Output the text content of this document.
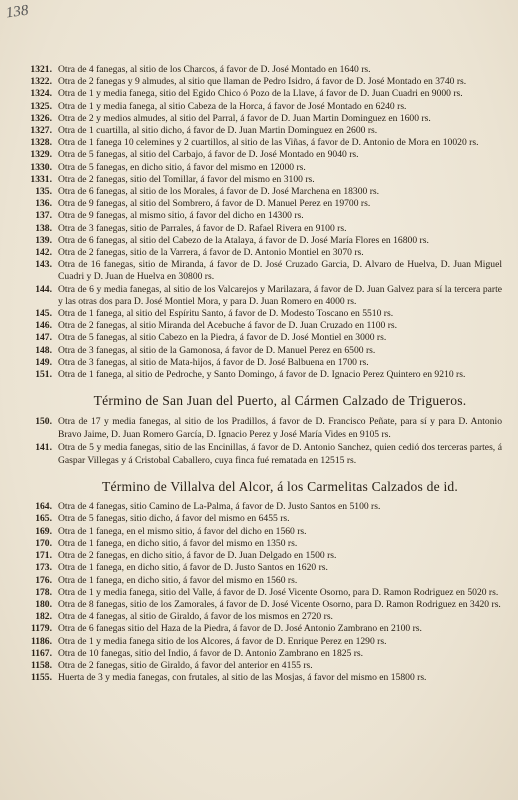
138
1321. Otra de 4 fanegas, al sitio de los Charcos, á favor de D. José Montado en 1640 rs.
1322. Otra de 2 fanegas y 9 almudes, al sitio que llaman de Pedro Isidro, á favor de D. José Montado en 3740 rs.
1324. Otra de 1 y media fanega, sitio del Egido Chico ó Pozo de la Llave, á favor de D. Juan Cuadri en 9000 rs.
1325. Otra de 1 y media fanega, al sitio Cabeza de la Horca, á favor de José Montado en 6240 rs.
1326. Otra de 2 y medios almudes, al sitio del Parral, á favor de D. Juan Martin Dominguez en 1600 rs.
1327. Otra de 1 cuartilla, al sitio dicho, á favor de D. Juan Martin Dominguez en 2600 rs.
1328. Otra de 1 fanega 10 celemines y 2 cuartillos, al sitio de las Viñas, á favor de D. Antonio de Mora en 10020 rs.
1329. Otra de 5 fanegas, al sitio del Carbajo, á favor de D. José Montado en 9040 rs.
1330. Otra de 5 fanegas, en dicho sitio, á favor del mismo en 12000 rs.
1331. Otra de 2 fanegas, sitio del Tomillar, á favor del mismo en 3100 rs.
135. Otra de 6 fanegas, al sitio de los Morales, á favor de D. José Marchena en 18300 rs.
136. Otra de 9 fanegas, al sitio del Sombrero, á favor de D. Manuel Perez en 19700 rs.
137. Otra de 9 fanegas, al mismo sitio, á favor del dicho en 14300 rs.
138. Otra de 3 fanegas, sitio de Parrales, á favor de D. Rafael Rivera en 9100 rs.
139. Otra de 6 fanegas, al sitio del Cabezo de la Atalaya, á favor de D. José María Flores en 16800 rs.
142. Otra de 2 fanegas, sitio de la Varrera, á favor de D. Antonio Montiel en 3070 rs.
143. Otra de 16 fanegas, sitio de Miranda, á favor de D. José Cruzado Garcia, D. Alvaro de Huelva, D. Juan Miguel Cuadri y D. Juan de Huelva en 30800 rs.
144. Otra de 6 y media fanegas, al sitio de los Valcarejos y Marilazara, á favor de D. Juan Galvez para sí la tercera parte y las otras dos para D. José Montiel Mora, y para D. Juan Romero en 4000 rs.
145. Otra de 1 fanega, al sitio del Espíritu Santo, á favor de D. Modesto Toscano en 5510 rs.
146. Otra de 2 fanegas, al sitio Miranda del Acebuche á favor de D. Juan Cruzado en 1100 rs.
147. Otra de 5 fanegas, al sitio Cabezo en la Piedra, á favor de D. José Montiel en 3000 rs.
148. Otra de 3 fanegas, al sitio de la Gamonosa, á favor de D. Manuel Perez en 6500 rs.
149. Otra de 3 fanegas, al sitio de Mata-hijos, á favor de D. José Balbuena en 1700 rs.
151. Otra de 1 fanega, al sitio de Pedroche, y Santo Domingo, á favor de D. Ignacio Perez Quintero en 9210 rs.
Término de San Juan del Puerto, al Cármen Calzado de Trigueros.
150. Otra de 17 y media fanegas, al sitio de los Pradillos, á favor de D. Francisco Peñate, para sí y para D. Antonio Bravo Jaime, D. Juan Romero García, D. Ignacio Perez y José María Vides en 9105 rs.
141. Otra de 5 y media fanegas, sitio de las Encinillas, á favor de D. Antonio Sanchez, quien cedió dos terceras partes, á Gaspar Villegas y á Cristobal Caballero, cuya finca fué rematada en 12515 rs.
Término de Villalva del Alcor, á los Carmelitas Calzados de id.
164. Otra de 4 fanegas, sitio Camino de La-Palma, á favor de D. Justo Santos en 5100 rs.
165. Otra de 5 fanegas, sitio dicho, á favor del mismo en 6455 rs.
169. Otra de 1 fanega, en el mismo sitio, á favor del dicho en 1560 rs.
170. Otra de 1 fanega, en dicho sitio, á favor del mismo en 1350 rs.
171. Otra de 2 fanegas, en dicho sitio, á favor de D. Juan Delgado en 1500 rs.
173. Otra de 1 fanega, en dicho sitio, á favor de D. Justo Santos en 1620 rs.
176. Otra de 1 fanega, en dicho sitio, á favor del mismo en 1560 rs.
178. Otra de 1 y media fanega, sitio del Valle, á favor de D. José Vicente Osorno, para D. Ramon Rodriguez en 5020 rs.
180. Otra de 8 fanegas, sitio de los Zamorales, á favor de D. José Vicente Osorno, para D. Ramon Rodriguez en 3420 rs.
182. Otra de 4 fanegas, al sitio de Giraldo, á favor de los mismos en 2720 rs.
1179. Otra de 6 fanegas sitio del Haza de la Piedra, á favor de D. José Antonio Zambrano en 2100 rs.
1186. Otra de 1 y media fanega sitio de los Alcores, á favor de D. Enrique Perez en 1290 rs.
1167. Otra de 10 fanegas, sitio del Indio, á favor de D. Antonio Zambrano en 1825 rs.
1158. Otra de 2 fanegas, sitio de Giraldo, á favor del anterior en 4155 rs.
1155. Huerta de 3 y media fanegas, con frutales, al sitio de las Mosjas, á favor del mismo en 15800 rs.
